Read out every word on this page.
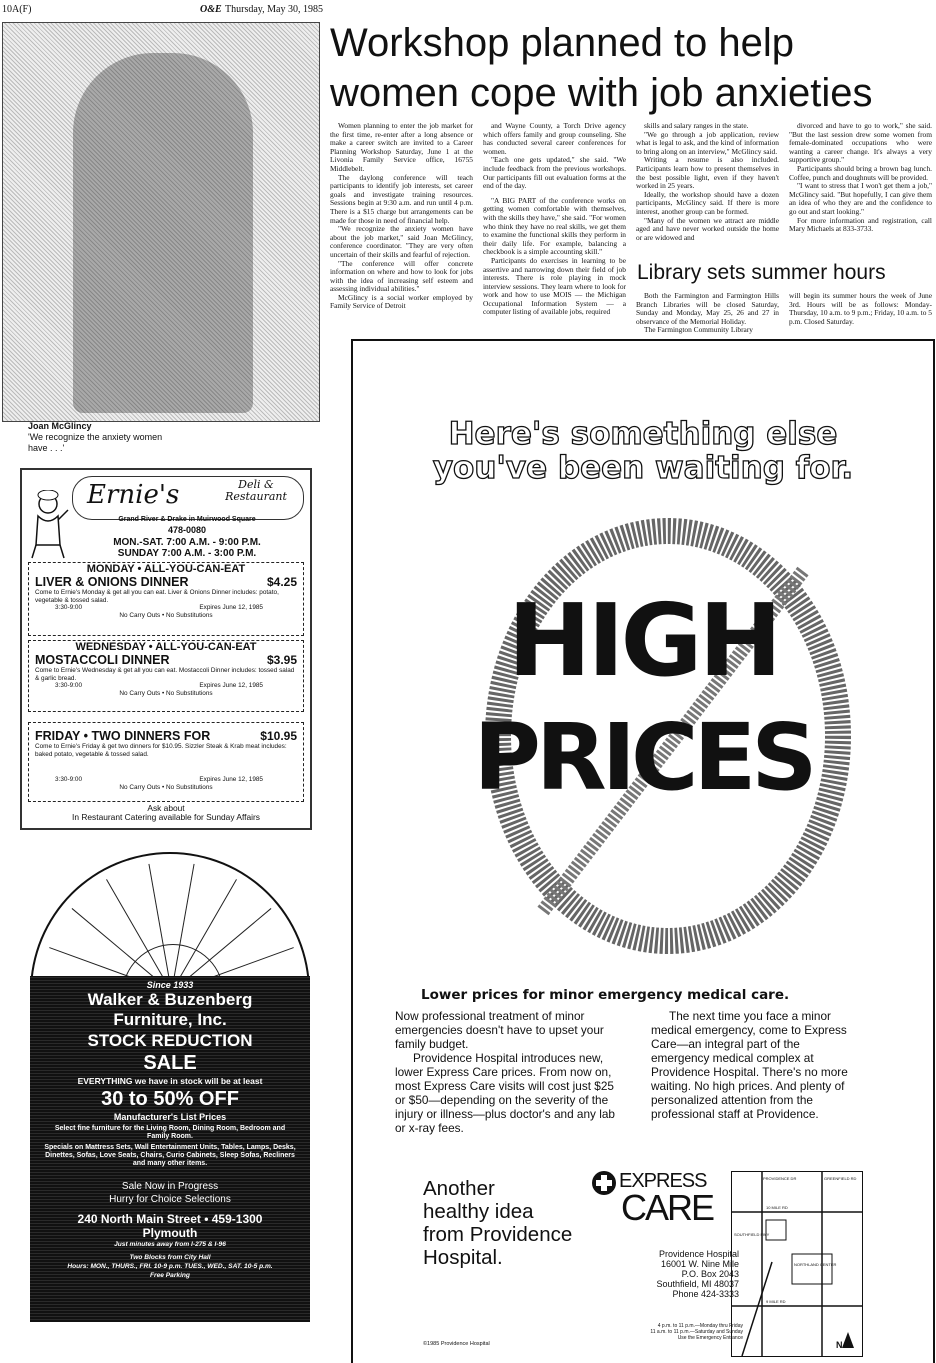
10A(F)	O&E Thursday, May 30, 1985
Joan McGlincy
'We recognize the anxiety women
have . . .'
Workshop planned to help
women cope with job anxieties

Women planning to enter the job market for the first time, re-enter after a long absence or make a career switch are invited to a Career Planning Workshop Saturday, June 1 at the Livonia Family Service office, 16755 Middlebelt.

The daylong conference will teach participants to identify job interests, set career goals and investigate training resources. Sessions begin at 9:30 a.m. and run until 4 p.m. There is a $15 charge but arrangements can be made for those in need of financial help.

"We recognize the anxiety women have about the job market," said Joan McGlincy, conference coordinator. "They are very often uncertain of their skills and fearful of rejection.

"The conference will offer concrete information on where and how to look for jobs with the idea of increasing self esteem and assessing individual abilities."

McGlincy is a social worker employed by Family Service of Detroit

and Wayne County, a Torch Drive agency which offers family and group counseling. She has conducted several career conferences for women.

"Each one gets updated," she said. "We include feedback from the previous workshops. Our participants fill out evaluation forms at the end of the day.

"A BIG PART of the conference works on getting women comfortable with themselves, with the skills they have," she said. "For women who think they have no real skills, we get them to examine the functional skills they perform in their daily life. For example, balancing a checkbook is a simple accounting skill."

Participants do exercises in learning to be assertive and narrowing down their field of job interests. There is role playing in mock interview sessions. They learn where to look for work and how to use MOIS — the Michigan Occupational Information System — a computer listing of available jobs, required

skills and salary ranges in the state.

"We go through a job application, review what is legal to ask, and the kind of information to bring along on an interview," McGlincy said.

Writing a resume is also included. Participants learn how to present themselves in the best possible light, even if they haven't worked in 25 years.

Ideally, the workshop should have a dozen participants, McGlincy said. If there is more interest, another group can be formed.

"Many of the women we attract are middle aged and have never worked outside the home or are widowed and

divorced and have to go to work," she said. "But the last session drew some women from female-dominated occupations who were wanting a career change. It's always a very supportive group."

Participants should bring a brown bag lunch. Coffee, punch and doughnuts will be provided.

"I want to stress that I won't get them a job," McGlincy said. "But hopefully, I can give them an idea of who they are and the confidence to go out and start looking."

For more information and registration, call Mary Michaels at 833-3733.

Library sets summer hours

Both the Farmington and Farmington Hills Branch Libraries will be closed Saturday, Sunday and Monday, May 25, 26 and 27 in observance of the Memorial Holiday.

The Farmington Community Library

will begin its summer hours the week of June 3rd. Hours will be as follows: Monday-Thursday, 10 a.m. to 9 p.m.; Friday, 10 a.m. to 5 p.m. Closed Saturday.

Ernie's	Deli & Restaurant
Grand River & Drake in Muirwood Square
478-0080
MON.-SAT. 7:00 A.M. - 9:00 P.M.
SUNDAY 7:00 A.M. - 3:00 P.M.
MONDAY • ALL-YOU-CAN-EAT
LIVER & ONIONS DINNER	$4.25
Come to Ernie's Monday & get all you can eat. Liver & Onions Dinner includes: potato, vegetable & tossed salad.
3:30-9:00	Expires June 12, 1985
No Carry Outs • No Substitutions
WEDNESDAY • ALL-YOU-CAN-EAT
MOSTACCOLI DINNER	$3.95
Come to Ernie's Wednesday & get all you can eat. Mostaccoli Dinner includes: tossed salad & garlic bread.
3:30-9:00	Expires June 12, 1985
No Carry Outs • No Substitutions
FRIDAY • TWO DINNERS FOR	$10.95
Come to Ernie's Friday & get two dinners for $10.95. Sizzler Steak & Krab meat includes: baked potato, vegetable & tossed salad.
3:30-9:00	Expires June 12, 1985
No Carry Outs • No Substitutions
Ask about
In Restaurant Catering available for Sunday Affairs
Since 1933
Walker & Buzenberg
Furniture, Inc.
STOCK REDUCTION
SALE
EVERYTHING we have in stock will be at least
30 to 50% OFF
Manufacturer's List Prices
Select fine furniture for the Living Room, Dining Room, Bedroom and Family Room.
Specials on Mattress Sets, Wall Entertainment Units, Tables, Lamps, Desks, Dinettes, Sofas, Love Seats, Chairs, Curio Cabinets, Sleep Sofas, Recliners and many other items.
Sale Now in Progress
Hurry for Choice Selections
240 North Main Street • 459-1300
Plymouth
Just minutes away from I-275 & I-96
Two Blocks from City Hall
Hours: MON., THURS., FRI. 10-9 p.m. TUES., WED., SAT. 10-5 p.m.
Free Parking
Here's something else
you've been waiting for.
HIGH
PRICES
Lower prices for minor emergency medical care.
Now professional treatment of minor emergencies doesn't have to upset your family budget.
Providence Hospital introduces new, lower Express Care prices. From now on, most Express Care visits will cost just $25 or $50—depending on the severity of the injury or illness—plus doctor's and any lab or x-ray fees.
The next time you face a minor medical emergency, come to Express Care—an integral part of the emergency medical complex at Providence Hospital. There's no more waiting. No high prices. And plenty of personalized attention from the professional staff at Providence.
Another
healthy idea
from Providence
Hospital.
EXPRESS
CARE
Providence Hospital
16001 W. Nine Mile
P.O. Box 2043
Southfield, MI 48037
Phone 424-3333
4 p.m. to 11 p.m.—Monday thru Friday
11 a.m. to 11 p.m.—Saturday and Sunday
Use the Emergency Entrance
©1985 Providence Hospital
10 MILE RD
NORTHLAND CENTER
9 MILE RD
PROVIDENCE DR	GREENFIELD RD
SOUTHFIELD FWY
N
